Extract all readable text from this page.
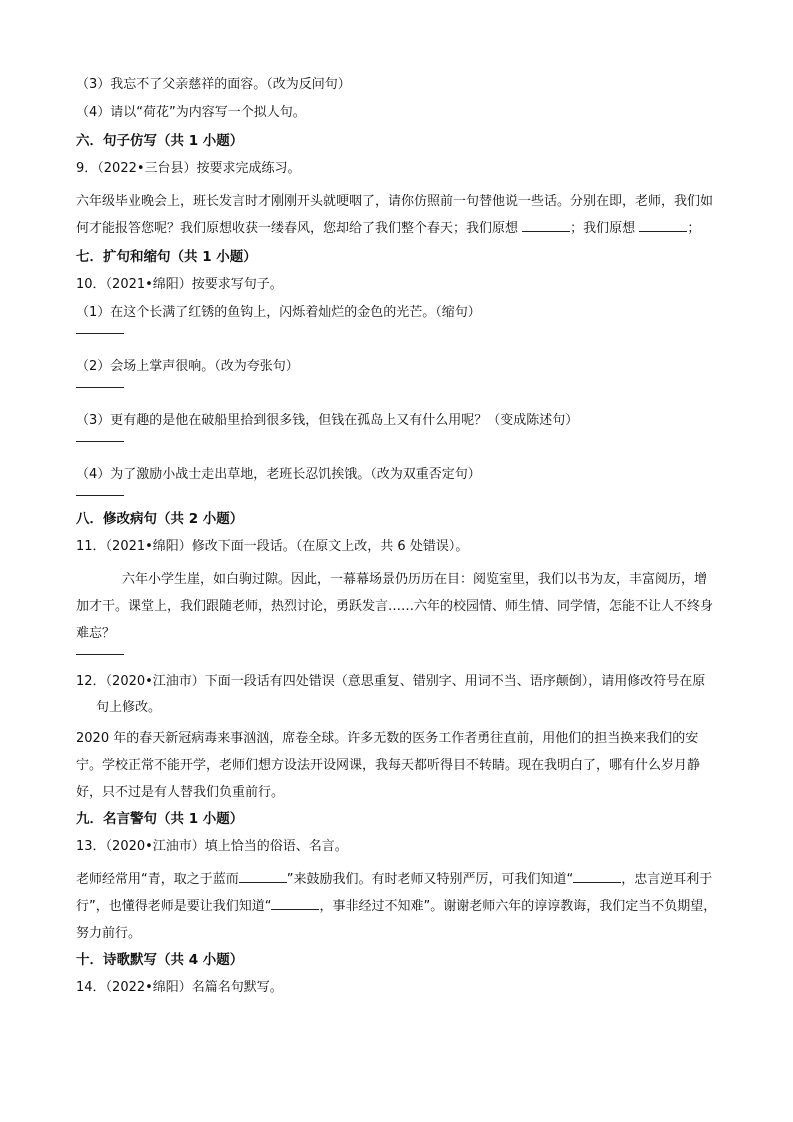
（3）我忘不了父亲慈祥的面容。（改为反问句）

（4）请以“荷花”为内容写一个拟人句。

六．句子仿写（共 1 小题）

9．（2022•三台县）按要求完成练习。

六年级毕业晚会上，班长发言时才刚刚开头就哽咽了，请你仿照前一句替他说一些话。分别在即，老师，我们如何才能报答您呢？我们原想收获一缕春风，您却给了我们整个春天；我们原想	；我们原想	；

七．扩句和缩句（共 1 小题）

10．（2021•绵阳）按要求写句子。

（1）在这个长满了红锈的鱼钩上，闪烁着灿烂的金色的光芒。（缩句）

（2）会场上掌声很响。（改为夸张句）

（3）更有趣的是他在破船里拾到很多钱，但钱在孤岛上又有什么用呢？（变成陈述句）

（4）为了激励小战士走出草地，老班长忍饥挨饿。（改为双重否定句）

八．修改病句（共 2 小题）

11．（2021•绵阳）修改下面一段话。（在原文上改，共 6 处错误）。

六年小学生崖，如白驹过隙。因此，一幕幕场景仍历历在目：阅览室里，我们以书为友，丰富阅历，增加才干。课堂上，我们跟随老师，热烈讨论，勇跃发言……六年的校园情、师生情、同学情，怎能不让人不终身难忘？

12．（2020•江油市）下面一段话有四处错误（意思重复、错别字、用词不当、语序颠倒），请用修改符号在原句上修改。

2020 年的春天新冠病毒来事汹汹，席卷全球。许多无数的医务工作者勇往直前，用他们的担当换来我们的安宁。学校正常不能开学，老师们想方设法开设网课，我每天都听得目不转睛。现在我明白了，哪有什么岁月静好，只不过是有人替我们负重前行。

九．名言警句（共 1 小题）

13．（2020•江油市）填上恰当的俗语、名言。

老师经常用“青，取之于蓝而	”来鼓励我们。有时老师又特别严厉，可我们知道“	，忠言逆耳利于行”，也懂得老师是要让我们知道“	，事非经过不知难”。谢谢老师六年的谆谆教诲，我们定当不负期望，努力前行。

十．诗歌默写（共 4 小题）

14．（2022•绵阳）名篇名句默写。
